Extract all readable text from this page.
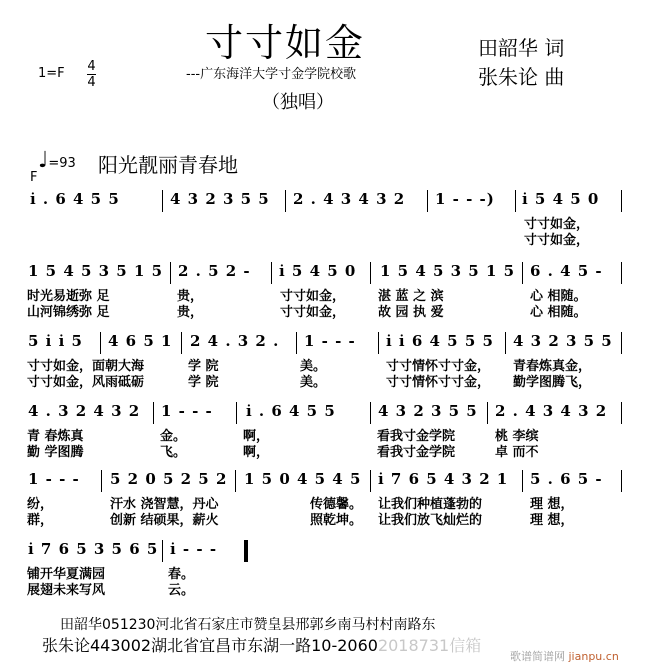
寸寸如金
---广东海洋大学寸金学院校歌
（独唱）
田韶华 词
张朱论 曲
1=F 4
4
♩=93 阳光靓丽青春地
F
i̇ . 6 4 5 5	4 3 2 3 5 5 2 . 4 3 4 3 2 1 - - -) i̇ 5 4 5 0
寸寸如金，
寸寸如金，
1 5 4 5 3 5 1 5 2 . 5 2 - i̇ 5 4 5 0 1 5 4 5 3 5 1 5 6 . 4 5 -
时光易逝弥 足
山河锦绣弥 足
贵，
贵，
寸寸如金，
寸寸如金，
湛 蓝 之 滨
故 园 执 爱
心 相随。
心 相随。
5 i̇ i̇ 5 4 6 5 1 2 4 . 3 2 . 1 - - - i̇ i̇ 6 4 5 5 5 4 3 2 3 5 5
寸寸如金，面朝大海
寸寸如金，风雨砥砺
学 院
学 院
美。
美。
寸寸情怀寸寸金，
寸寸情怀寸寸金，
青春炼真金，
勤学图腾飞，
4 . 3 2 4 3 2 1 - - - i̇ . 6 4 5 5	4 3 2 3 5 5 2 . 4 3 4 3 2
青 春炼真
勤 学图腾
金。
飞。
啊，
啊，
看我寸金学院
看我寸金学院
桃 李缤
卓 而不
1 - - - 5 2 0 5 2 5 2 1 5 0 4 5 4 5 i̇ 7 6 5 4 3 2 1 5 . 6 5 -
纷，
群，
汗水 浇智慧，丹心
创新 结硕果，薪火
传德馨。
照乾坤。
让我们种植蓬勃的
让我们放飞灿烂的
理 想，
理 想，
i̇ 7 6 5 3 5 6 5 i̇ - - -
铺开华夏满园
展翅未来写风
春。
云。
田韶华051230河北省石家庄市赞皇县邢郭乡南马村村南路东
张朱论443002湖北省宜昌市东湖一路10-20602018731信箱
歌谱简谱网 jianpu.cn
